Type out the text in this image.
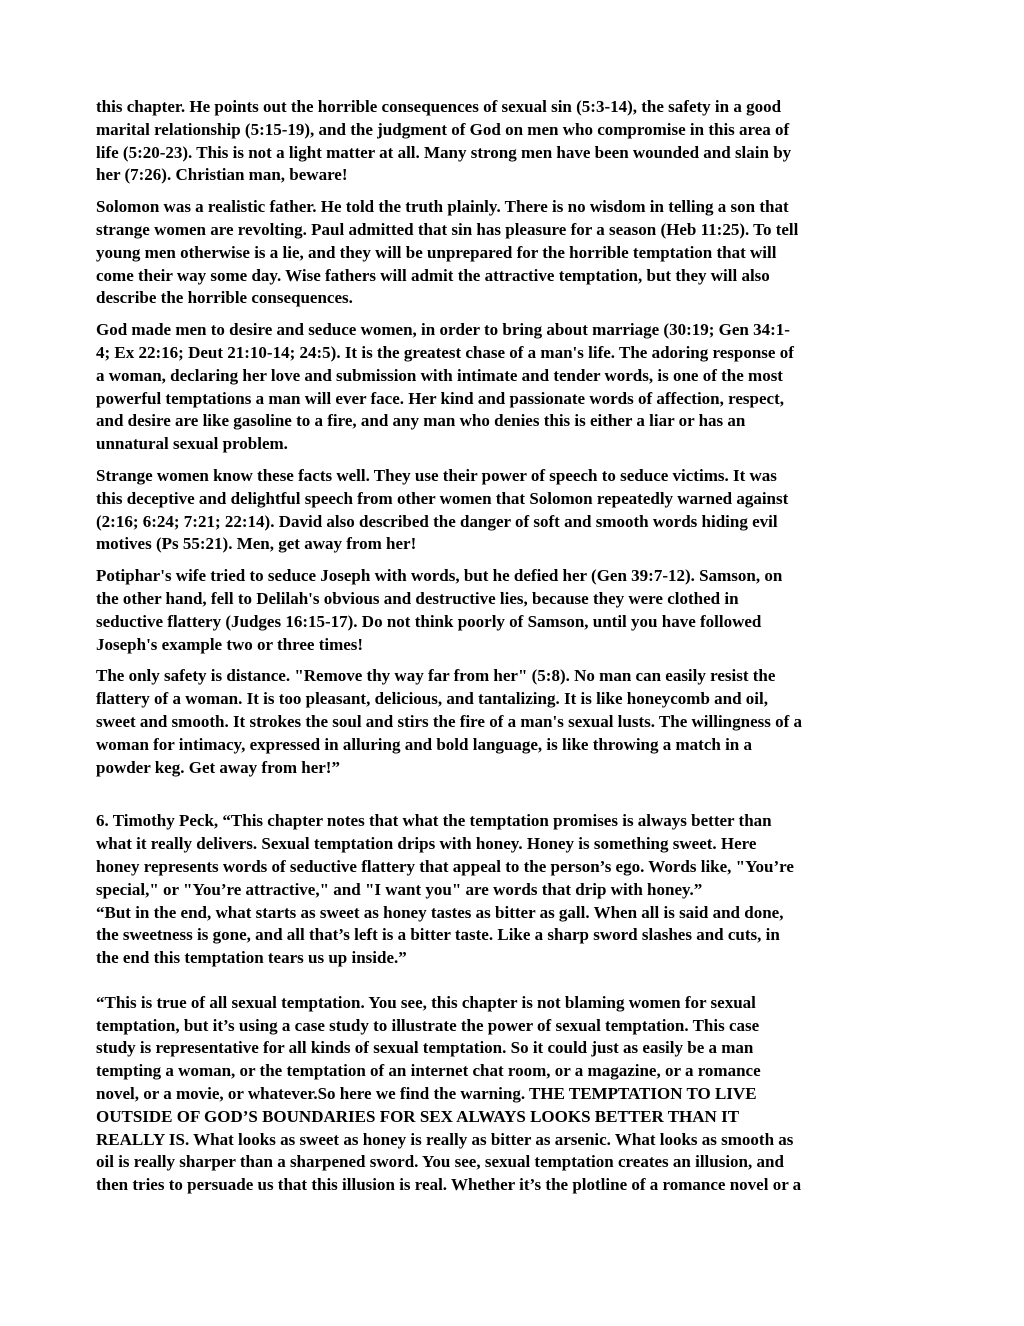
this chapter. He points out the horrible consequences of sexual sin (5:3-14), the safety in a good
marital relationship (5:15-19), and the judgment of God on men who compromise in this area of
life (5:20-23). This is not a light matter at all. Many strong men have been wounded and slain by
her (7:26). Christian man, beware!

Solomon was a realistic father. He told the truth plainly. There is no wisdom in telling a son that
strange women are revolting. Paul admitted that sin has pleasure for a season (Heb 11:25). To tell
young men otherwise is a lie, and they will be unprepared for the horrible temptation that will
come their way some day. Wise fathers will admit the attractive temptation, but they will also
describe the horrible consequences.

God made men to desire and seduce women, in order to bring about marriage (30:19; Gen 34:1-
4; Ex 22:16; Deut 21:10-14; 24:5). It is the greatest chase of a man's life. The adoring response of
a woman, declaring her love and submission with intimate and tender words, is one of the most
powerful temptations a man will ever face. Her kind and passionate words of affection, respect,
and desire are like gasoline to a fire, and any man who denies this is either a liar or has an
unnatural sexual problem.

Strange women know these facts well. They use their power of speech to seduce victims. It was
this deceptive and delightful speech from other women that Solomon repeatedly warned against
(2:16; 6:24; 7:21; 22:14). David also described the danger of soft and smooth words hiding evil
motives (Ps 55:21). Men, get away from her!

Potiphar's wife tried to seduce Joseph with words, but he defied her (Gen 39:7-12). Samson, on
the other hand, fell to Delilah's obvious and destructive lies, because they were clothed in
seductive flattery (Judges 16:15-17). Do not think poorly of Samson, until you have followed
Joseph's example two or three times!

The only safety is distance. "Remove thy way far from her" (5:8). No man can easily resist the
flattery of a woman. It is too pleasant, delicious, and tantalizing. It is like honeycomb and oil,
sweet and smooth. It strokes the soul and stirs the fire of a man's sexual lusts. The willingness of a
woman for intimacy, expressed in alluring and bold language, is like throwing a match in a
powder keg. Get away from her!”

6. Timothy Peck, “This chapter notes that what the temptation promises is always better than
what it really delivers. Sexual temptation drips with honey. Honey is something sweet. Here
honey represents words of seductive flattery that appeal to the person’s ego. Words like, "You’re
special," or "You’re attractive," and "I want you" are words that drip with honey.”

“But in the end, what starts as sweet as honey tastes as bitter as gall. When all is said and done,
the sweetness is gone, and all that’s left is a bitter taste. Like a sharp sword slashes and cuts, in
the end this temptation tears us up inside.”

“This is true of all sexual temptation. You see, this chapter is not blaming women for sexual
temptation, but it’s using a case study to illustrate the power of sexual temptation. This case
study is representative for all kinds of sexual temptation. So it could just as easily be a man
tempting a woman, or the temptation of an internet chat room, or a magazine, or a romance
novel, or a movie, or whatever.So here we find the warning. THE TEMPTATION TO LIVE
OUTSIDE OF GOD’S BOUNDARIES FOR SEX ALWAYS LOOKS BETTER THAN IT
REALLY IS. What looks as sweet as honey is really as bitter as arsenic. What looks as smooth as
oil is really sharper than a sharpened sword. You see, sexual temptation creates an illusion, and
then tries to persuade us that this illusion is real. Whether it’s the plotline of a romance novel or a
